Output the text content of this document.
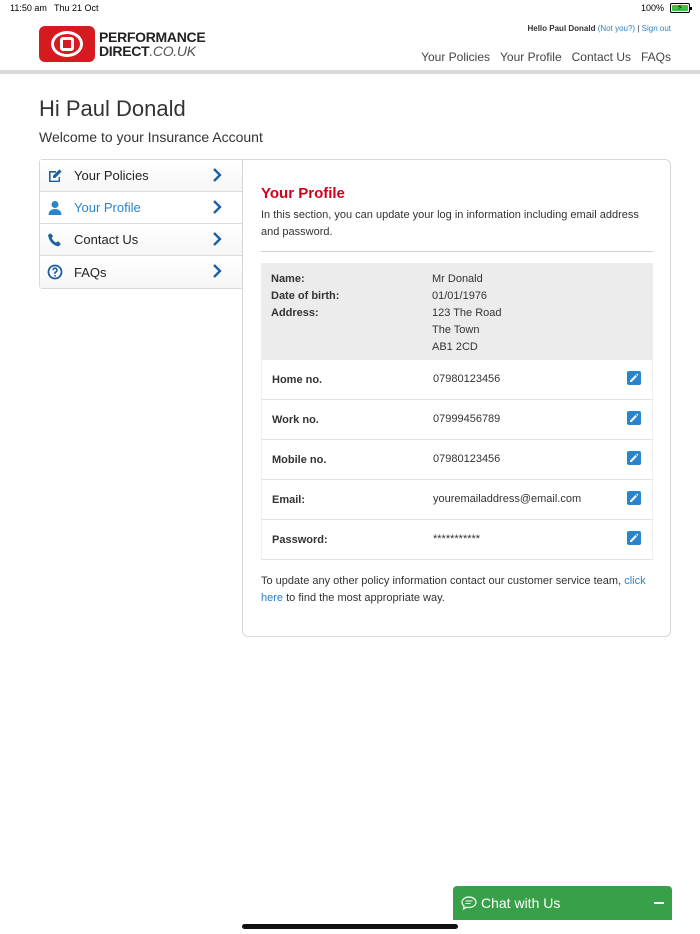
11:50 am Thu 21 Oct	100% ⚡
PERFORMANCE
DIRECT.CO.UK
Hello Paul Donald (Not you?) | Sign out
Your Policies Your Profile Contact Us FAQs
Hi Paul Donald
Welcome to your Insurance Account
Your Policies
Your Profile
Contact Us
FAQs
Your Profile
In this section, you can update your log in information including email address and password.
Name:	Mr Donald
Date of birth:	01/01/1976
Address:	123 The Road
The Town
AB1 2CD
Home no.	07980123456
Work no.	07999456789
Mobile no.	07980123456
Email:	youremailaddress@email.com
Password:	***********
To update any other policy information contact our customer service team, click here to find the most appropriate way.
Chat with Us
